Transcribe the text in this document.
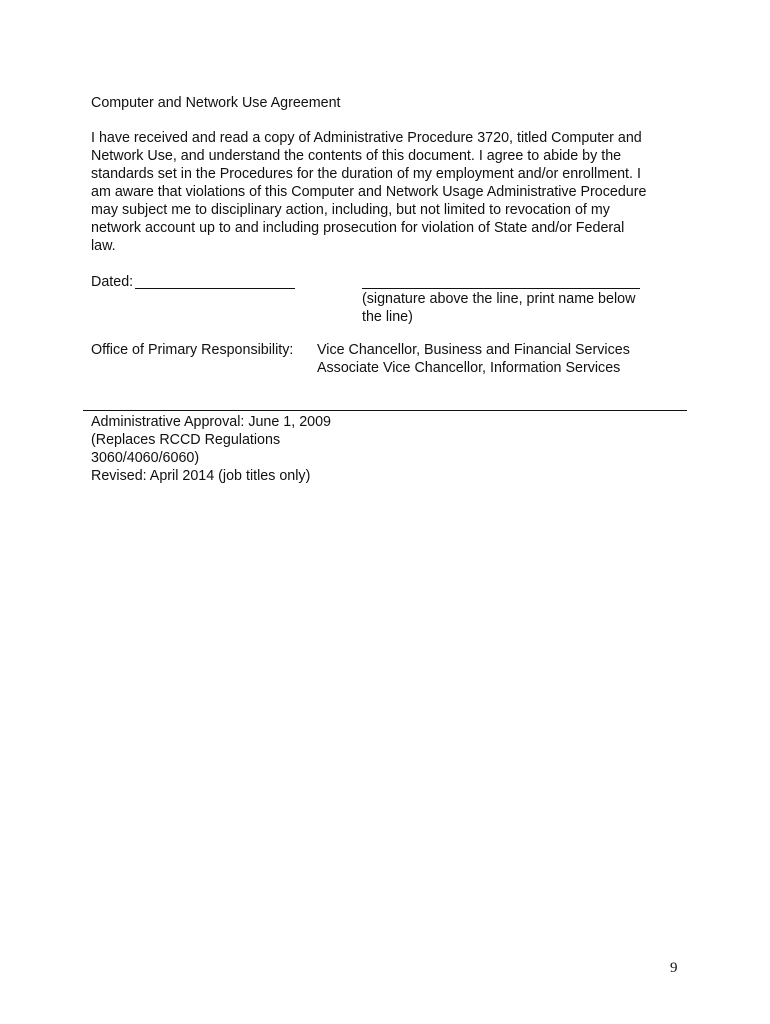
Computer and Network Use Agreement
I have received and read a copy of Administrative Procedure 3720, titled Computer and
Network Use, and understand the contents of this document. I agree to abide by the
standards set in the Procedures for the duration of my employment and/or enrollment. I
am aware that violations of this Computer and Network Usage Administrative Procedure
may subject me to disciplinary action, including, but not limited to revocation of my
network account up to and including prosecution for violation of State and/or Federal
law.
Dated:
(signature above the line, print name below
the line)
Office of Primary Responsibility: Vice Chancellor, Business and Financial Services
Associate Vice Chancellor, Information Services
Administrative Approval: June 1, 2009
(Replaces RCCD Regulations
3060/4060/6060)
Revised: April 2014 (job titles only)
9
